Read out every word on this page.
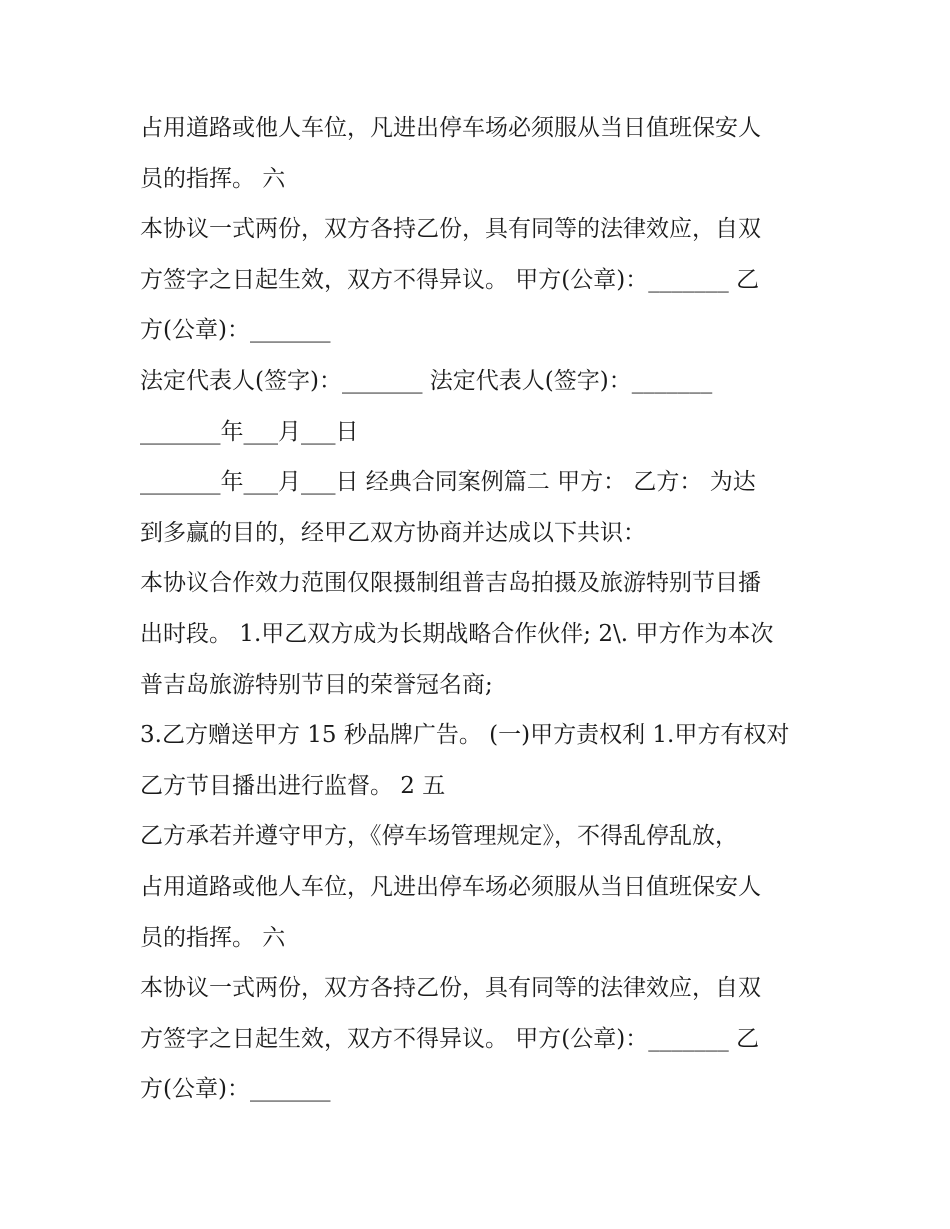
占用道路或他人车位，凡进出停车场必须服从当日值班保安人
员的指挥。 六
本协议一式两份，双方各持乙份，具有同等的法律效应，自双
方签字之日起生效，双方不得异议。 甲方(公章)：_______ 乙
方(公章)：_______
法定代表人(签字)：_______ 法定代表人(签字)：_______
_______年___月___日
_______年___月___日 经典合同案例篇二 甲方： 乙方： 为达
到多赢的目的，经甲乙双方协商并达成以下共识：
本协议合作效力范围仅限摄制组普吉岛拍摄及旅游特别节目播
出时段。 1.甲乙双方成为长期战略合作伙伴; 2\. 甲方作为本次
普吉岛旅游特别节目的荣誉冠名商;
3.乙方赠送甲方 15 秒品牌广告。 (一)甲方责权利 1.甲方有权对
乙方节目播出进行监督。 2 五
乙方承若并遵守甲方，《停车场管理规定》，不得乱停乱放，
占用道路或他人车位，凡进出停车场必须服从当日值班保安人
员的指挥。 六
本协议一式两份，双方各持乙份，具有同等的法律效应，自双
方签字之日起生效，双方不得异议。 甲方(公章)：_______ 乙
方(公章)：_______
